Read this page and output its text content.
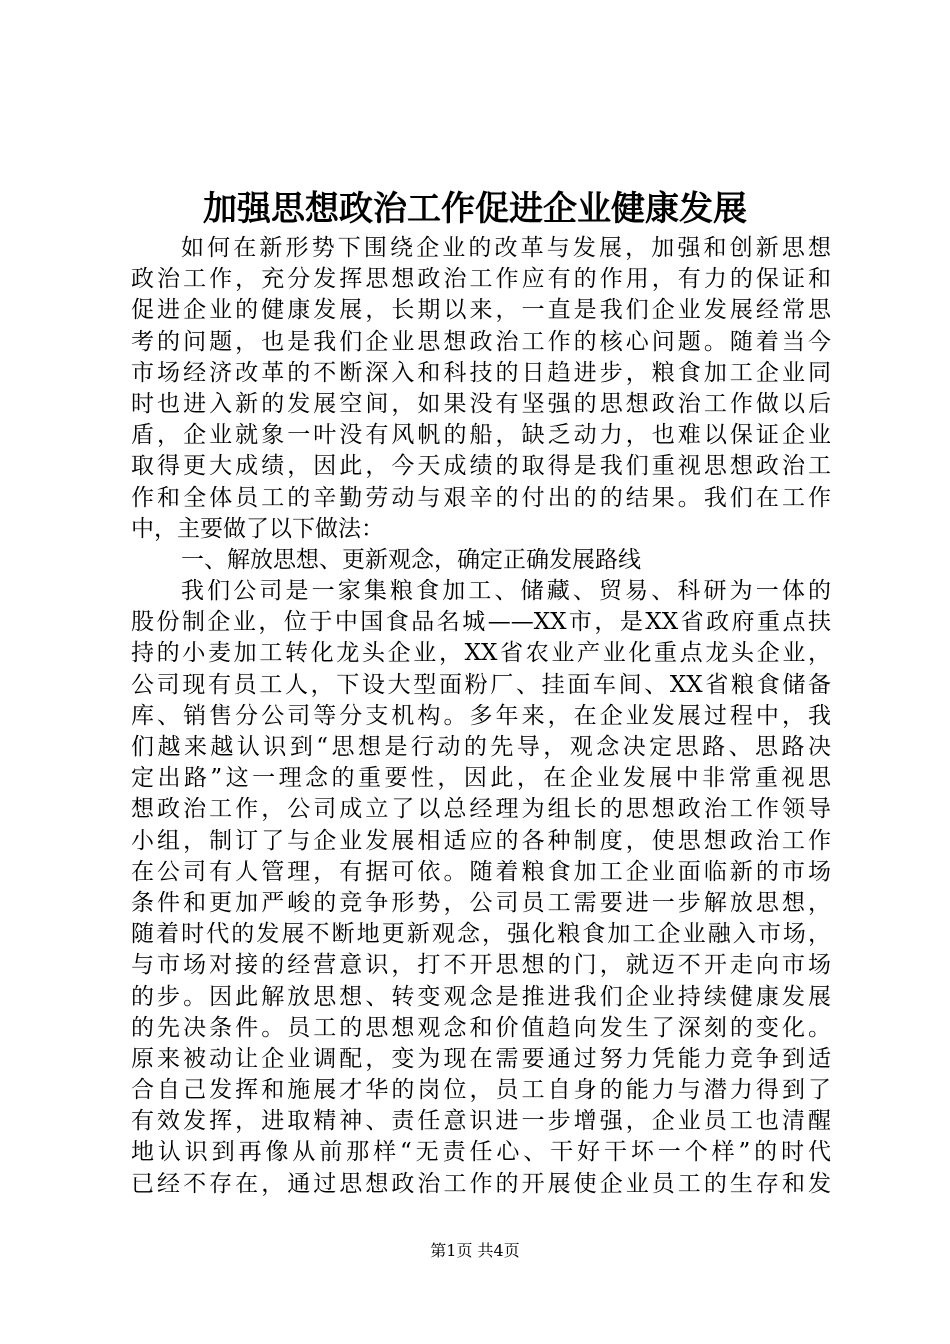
加强思想政治工作促进企业健康发展
如何在新形势下围绕企业的改革与发展，加强和创新思想
政治工作，充分发挥思想政治工作应有的作用，有力的保证和
促进企业的健康发展，长期以来，一直是我们企业发展经常思
考的问题，也是我们企业思想政治工作的核心问题。随着当今
市场经济改革的不断深入和科技的日趋进步，粮食加工企业同
时也进入新的发展空间，如果没有坚强的思想政治工作做以后
盾，企业就象一叶没有风帆的船，缺乏动力，也难以保证企业
取得更大成绩，因此，今天成绩的取得是我们重视思想政治工
作和全体员工的辛勤劳动与艰辛的付出的的结果。我们在工作
中，主要做了以下做法：
一、解放思想、更新观念，确定正确发展路线
我们公司是一家集粮食加工、储藏、贸易、科研为一体的
股份制企业，位于中国食品名城——XX市，是XX省政府重点扶
持的小麦加工转化龙头企业，XX省农业产业化重点龙头企业，
公司现有员工人，下设大型面粉厂、挂面车间、XX省粮食储备
库、销售分公司等分支机构。多年来，在企业发展过程中，我
们越来越认识到“思想是行动的先导，观念决定思路、思路决
定出路”这一理念的重要性，因此，在企业发展中非常重视思
想政治工作，公司成立了以总经理为组长的思想政治工作领导
小组，制订了与企业发展相适应的各种制度，使思想政治工作
在公司有人管理，有据可依。随着粮食加工企业面临新的市场
条件和更加严峻的竞争形势，公司员工需要进一步解放思想，
随着时代的发展不断地更新观念，强化粮食加工企业融入市场，
与市场对接的经营意识，打不开思想的门，就迈不开走向市场
的步。因此解放思想、转变观念是推进我们企业持续健康发展
的先决条件。员工的思想观念和价值趋向发生了深刻的变化。
原来被动让企业调配，变为现在需要通过努力凭能力竞争到适
合自己发挥和施展才华的岗位，员工自身的能力与潜力得到了
有效发挥，进取精神、责任意识进一步增强，企业员工也清醒
地认识到再像从前那样“无责任心、干好干坏一个样”的时代
已经不存在，通过思想政治工作的开展使企业员工的生存和发
第1页 共4页
